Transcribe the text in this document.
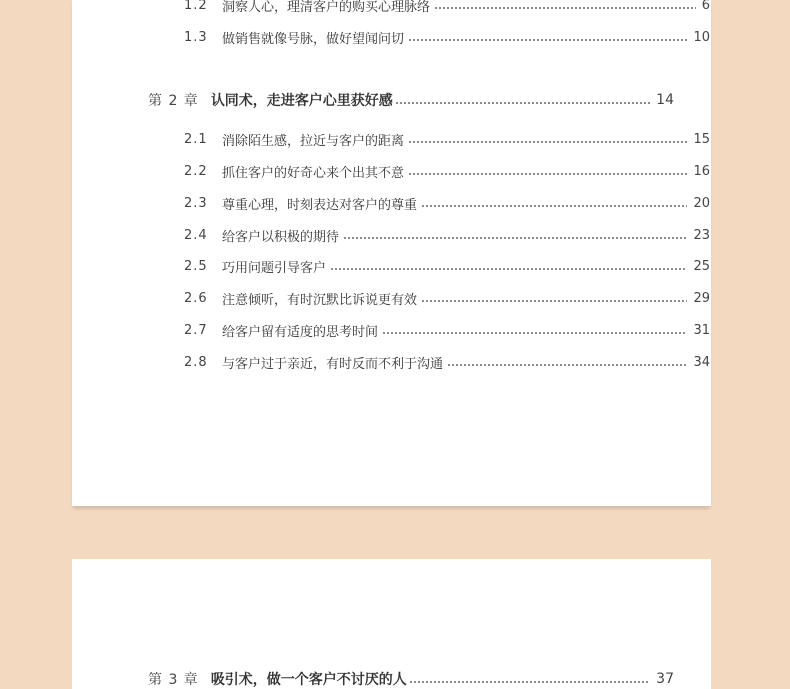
1.2	洞察人心，理清客户的购买心理脉络	6
1.3	做销售就像号脉，做好望闻问切	10
第 2 章 认同术，走进客户心里获好感	14
2.1	消除陌生感，拉近与客户的距离	15
2.2	抓住客户的好奇心来个出其不意	16
2.3	尊重心理，时刻表达对客户的尊重	20
2.4	给客户以积极的期待	23
2.5	巧用问题引导客户	25
2.6	注意倾听，有时沉默比诉说更有效	29
2.7	给客户留有适度的思考时间	31
2.8	与客户过于亲近，有时反而不利于沟通	34
第 3 章 吸引术，做一个客户不讨厌的人	37
